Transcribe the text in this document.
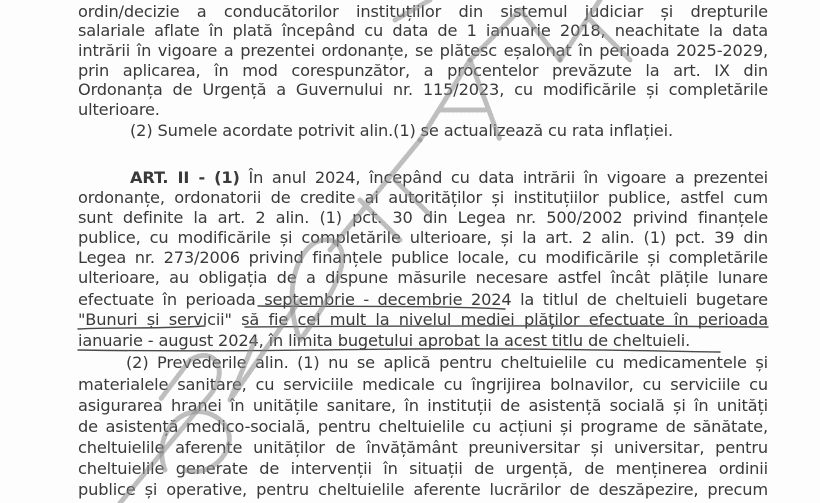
ordin/decizie a conducătorilor instituțiilor din sistemul judiciar și drepturile
salariale aflate în plată începând cu data de 1 ianuarie 2018, neachitate la data
intrării în vigoare a prezentei ordonanțe, se plătesc eșalonat în perioada 2025-2029,
prin aplicarea, în mod corespunzător, a procentelor prevăzute la art. IX din
Ordonanța de Urgență a Guvernului nr. 115/2023, cu modificările și completările
ulterioare.
(2) Sumele acordate potrivit alin.(1) se actualizează cu rata inflației.
ART. II - (1) În anul 2024, începând cu data intrării în vigoare a prezentei
ordonanțe, ordonatorii de credite ai autorităților și instituțiilor publice, astfel cum
sunt definite la art. 2 alin. (1) pct. 30 din Legea nr. 500/2002 privind finanțele
publice, cu modificările și completările ulterioare, și la art. 2 alin. (1) pct. 39 din
Legea nr. 273/2006 privind finanțele publice locale, cu modificările și completările
ulterioare, au obligația de a dispune măsurile necesare astfel încât plățile lunare
efectuate în perioada septembrie - decembrie 2024 la titlul de cheltuieli bugetare
"Bunuri și servicii" să fie cel mult la nivelul mediei plăților efectuate în perioada
ianuarie - august 2024, în limita bugetului aprobat la acest titlu de cheltuieli.
(2) Prevederile alin. (1) nu se aplică pentru cheltuielile cu medicamentele și
materialele sanitare, cu serviciile medicale cu îngrijirea bolnavilor, cu serviciile cu
asigurarea hranei în unitățile sanitare, în instituții de asistență socială și în unități
de asistență medico-socială, pentru cheltuielile cu acțiuni și programe de sănătate,
cheltuielile aferente unităților de învățământ preuniversitar și universitar, pentru
cheltuielile generate de intervenții în situații de urgență, de menținerea ordinii
publice și operative, pentru cheltuielile aferente lucrărilor de deszăpezire, precum
